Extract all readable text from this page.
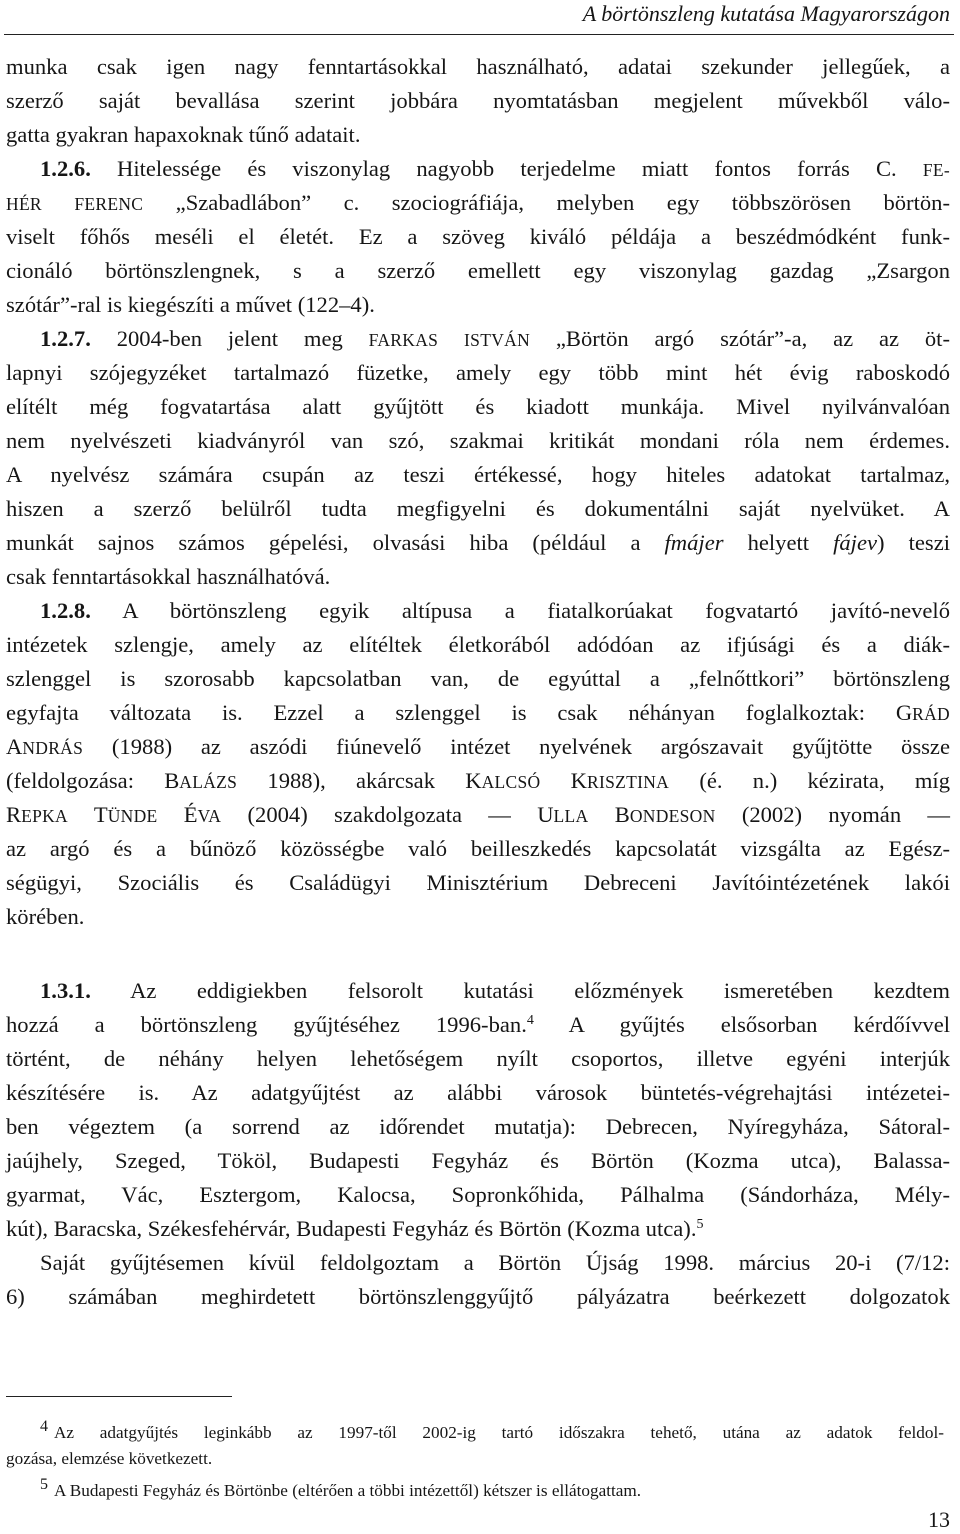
A börtönszleng kutatása Magyarországon
munka csak igen nagy fenntartásokkal használható, adatai szekunder jellegűek, a
szerző saját bevallása szerint jobbára nyomtatásban megjelent művekből válo-
gatta gyakran hapaxoknak tűnő adatait.
1.2.6. Hitelessége és viszonylag nagyobb terjedelme miatt fontos forrás C. FE-
HÉR FERENC „Szabadlábon” c. szociográfiája, melyben egy többszörösen börtön-
viselt főhős meséli el életét. Ez a szöveg kiváló példája a beszédmódként funk-
cionáló börtönszlengnek, s a szerző emellett egy viszonylag gazdag „Zsargon
szótár”-ral is kiegészíti a művet (122–4).
1.2.7. 2004-ben jelent meg FARKAS ISTVÁN „Börtön argó szótár”-a, az az öt-
lapnyi szójegyzéket tartalmazó füzetke, amely egy több mint hét évig raboskodó
elítélt még fogvatartása alatt gyűjtött és kiadott munkája. Mivel nyilvánvalóan
nem nyelvészeti kiadványról van szó, szakmai kritikát mondani róla nem érdemes.
A nyelvész számára csupán az teszi értékessé, hogy hiteles adatokat tartalmaz,
hiszen a szerző belülről tudta megfigyelni és dokumentálni saját nyelvüket. A
munkát sajnos számos gépelési, olvasási hiba (például a fmájer helyett fájev) teszi
csak fenntartásokkal használhatóvá.
1.2.8. A börtönszleng egyik altípusa a fiatalkorúakat fogvatartó javító-nevelő
intézetek szlengje, amely az elítéltek életkorából adódóan az ifjúsági és a diák-
szlenggel is szorosabb kapcsolatban van, de egyúttal a „felnőttkori” börtönszleng
egyfajta változata is. Ezzel a szlenggel is csak néhányan foglalkoztak: GRÁD
ANDRÁS (1988) az aszódi fiúnevelő intézet nyelvének argószavait gyűjtötte össze
(feldolgozása: BALÁZS 1988), akárcsak KALCSÓ KRISZTINA (é. n.) kézirata, míg
REPKA TÜNDE ÉVA (2004) szakdolgozata — ULLA BONDESON (2002) nyomán —
az argó és a bűnöző közösségbe való beilleszkedés kapcsolatát vizsgálta az Egész-
ségügyi, Szociális és Családügyi Minisztérium Debreceni Javítóintézetének lakói
körében.
1.3.1. Az eddigiekben felsorolt kutatási előzmények ismeretében kezdtem
hozzá a börtönszleng gyűjtéséhez 1996-ban.$^4$ A gyűjtés elsősorban kérdőívvel
történt, de néhány helyen lehetőségem nyílt csoportos, illetve egyéni interjúk
készítésére is. Az adatgyűjtést az alábbi városok büntetés-végrehajtási intézetei-
ben végeztem (a sorrend az időrendet mutatja): Debrecen, Nyíregyháza, Sátoral-
jaújhely, Szeged, Tököl, Budapesti Fegyház és Börtön (Kozma utca), Balassa-
gyarmat, Vác, Esztergom, Kalocsa, Sopronkőhida, Pálhalma (Sándorháza, Mély-
kút), Baracska, Székesfehérvár, Budapesti Fegyház és Börtön (Kozma utca).$^5$
Saját gyűjtésemen kívül feldolgoztam a Börtön Újság 1998. március 20-i (7/12:
6) számában meghirdetett börtönszlenggyűjtő pályázatra beérkezett dolgozatok
4 Az adatgyűjtés leginkább az 1997-től 2002-ig tartó időszakra tehető, utána az adatok feldol-
gozása, elemzése következett.
5 A Budapesti Fegyház és Börtönbe (eltérően a többi intézettől) kétszer is ellátogattam.
13
